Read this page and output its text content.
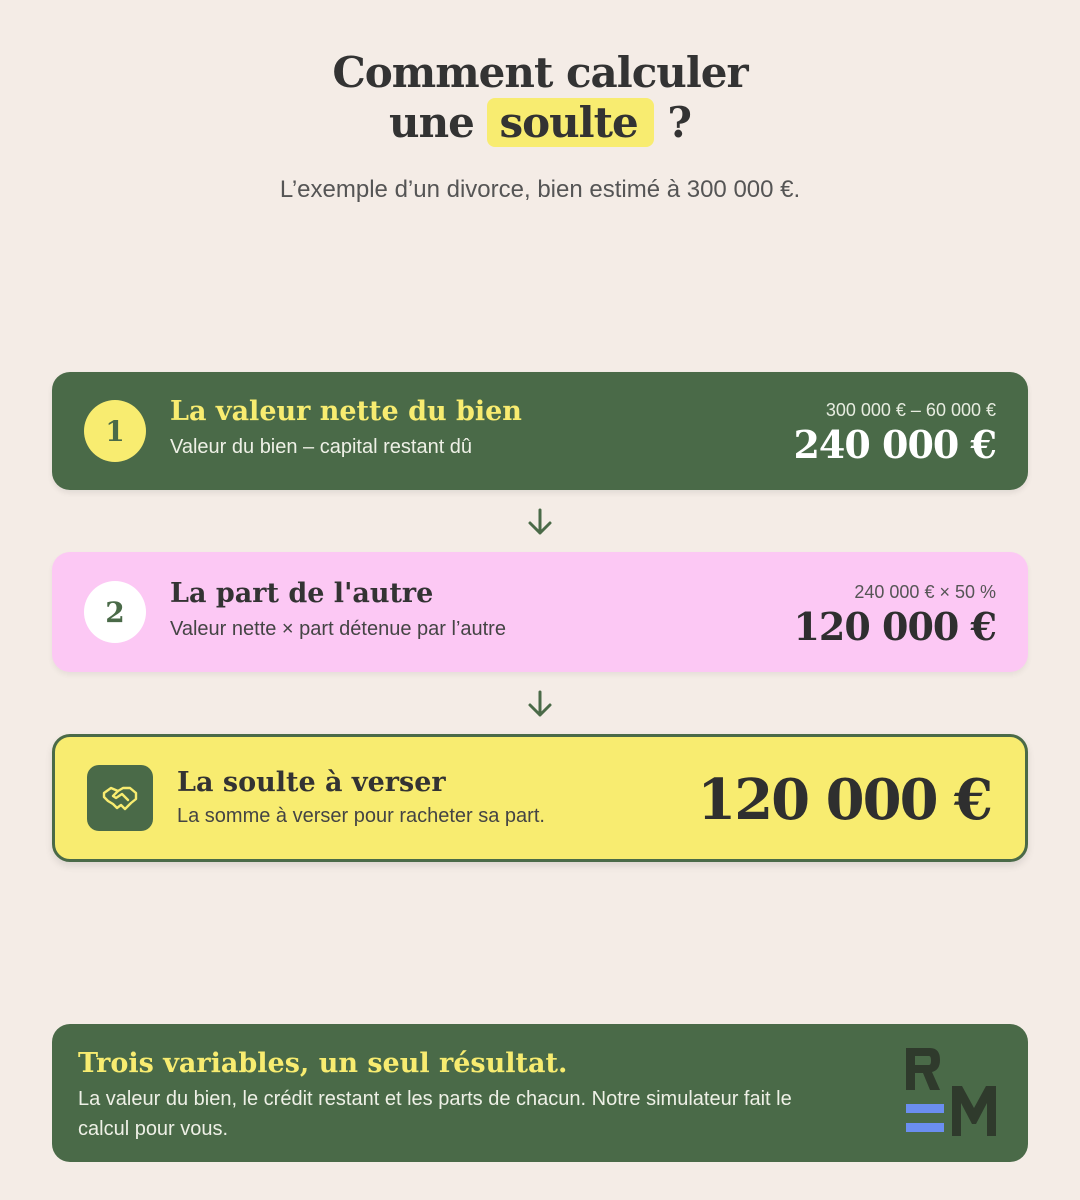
Comment calculer
une soulte ?

L’exemple d’un divorce, bien estimé à 300 000 €.

1
La valeur nette du bien
Valeur du bien – capital restant dû
300 000 € – 60 000 €
240 000 €
2
La part de l'autre
Valeur nette × part détenue par l’autre
240 000 € × 50 %
120 000 €
La soulte à verser
La somme à verser pour racheter sa part.	120 000 €
Trois variables, un seul résultat.
La valeur du bien, le crédit restant et les parts de chacun. Notre simulateur fait le calcul pour vous.
